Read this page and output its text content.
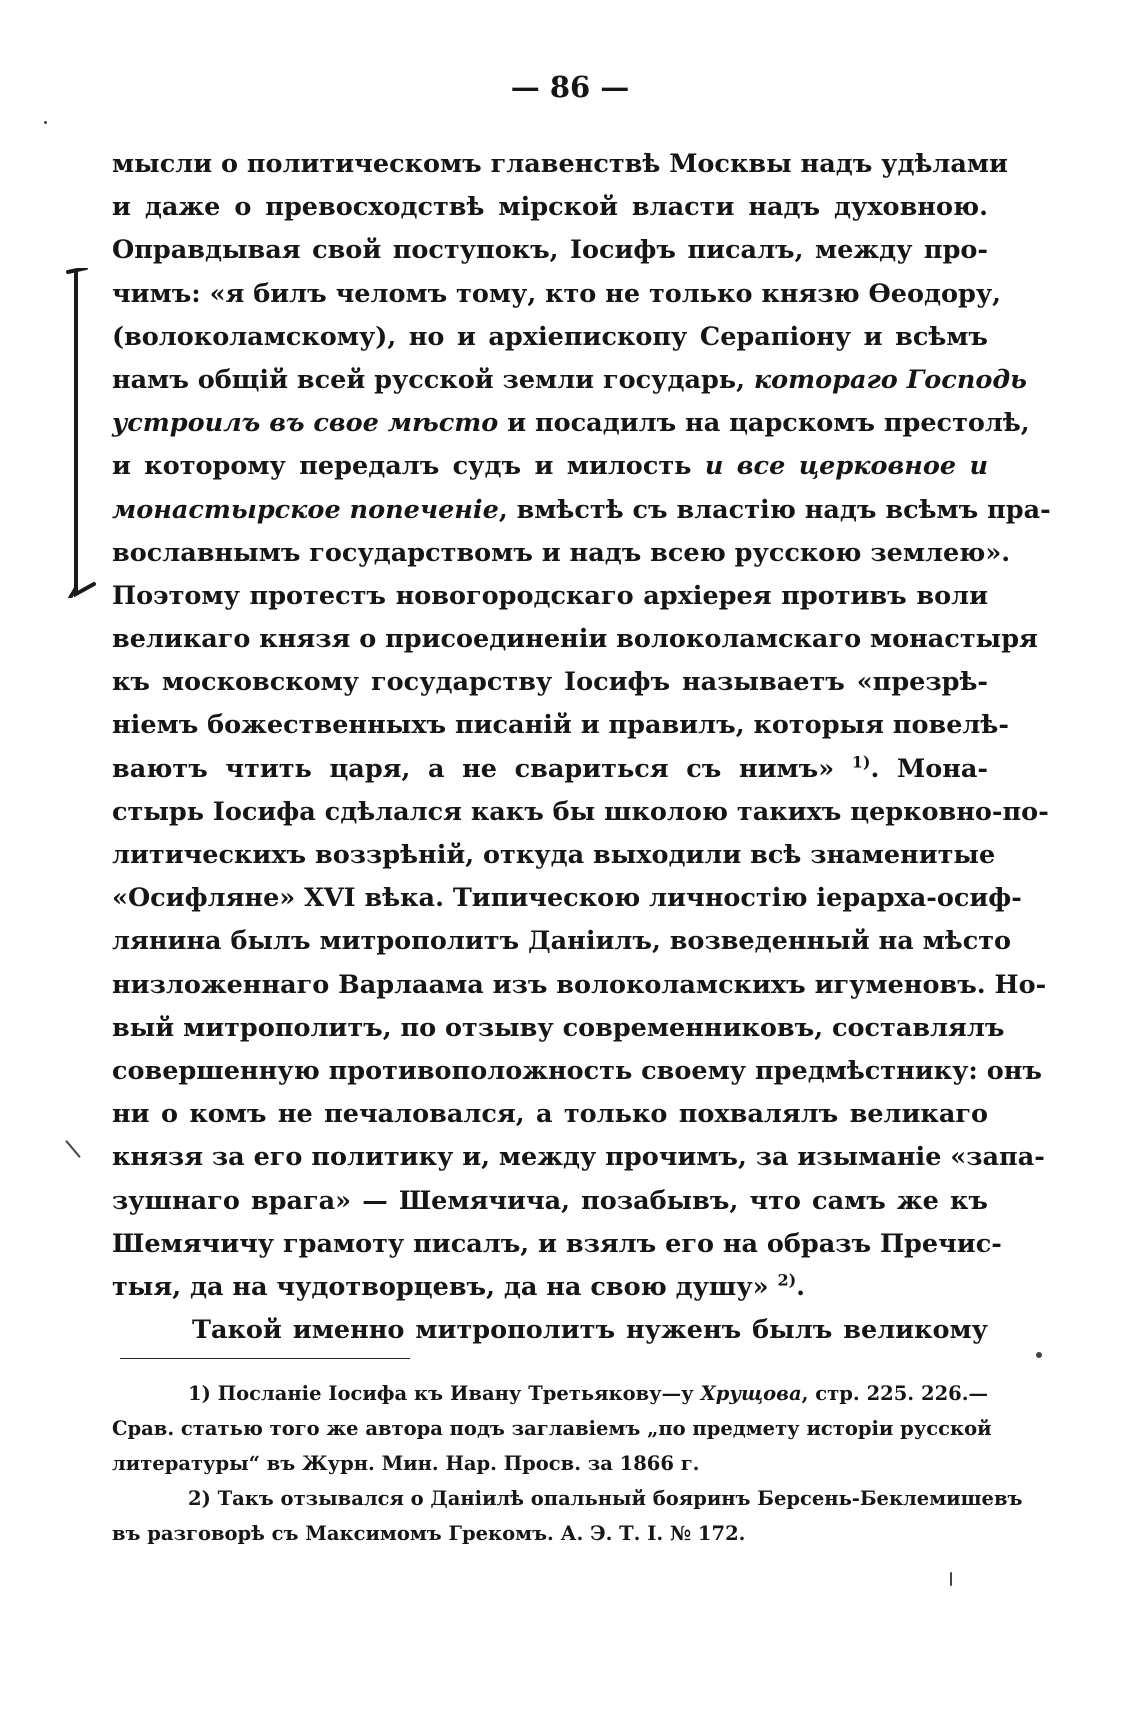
— 86 —
мысли о политическомъ главенствѣ Москвы надъ удѣлами
и даже о превосходствѣ мірской власти надъ духовною.
Оправдывая свой поступокъ, Іосифъ писалъ, между про-
чимъ: «я билъ челомъ тому, кто не только князю Ѳеодору,
(волоколамскому), но и архіепископу Серапіону и всѣмъ
намъ общій всей русской земли государь, котораго Господь
устроилъ въ свое мѣсто и посадилъ на царскомъ престолѣ,
и которому передалъ судъ и милость и все церковное и
монастырское попеченіе, вмѣстѣ съ властію надъ всѣмъ пра-
вославнымъ государствомъ и надъ всею русскою землею».
Поэтому протестъ новогородскаго архіерея противъ воли
великаго князя о присоединеніи волоколамскаго монастыря
къ московскому государству Іосифъ называетъ «презрѣ-
ніемъ божественныхъ писаній и правилъ, которыя повелѣ-
ваютъ чтить царя, а не свариться съ нимъ» $^{1)}$. Мона-
стырь Іосифа сдѣлался какъ бы школою такихъ церковно-по-
литическихъ воззрѣній, откуда выходили всѣ знаменитые
«Осифляне» XVI вѣка. Типическою личностію іерарха-осиф-
лянина былъ митрополитъ Даніилъ, возведенный на мѣсто
низложеннаго Варлаама изъ волоколамскихъ игуменовъ. Но-
вый митрополитъ, по отзыву современниковъ, составлялъ
совершенную противоположность своему предмѣстнику: онъ
ни о комъ не печаловался, а только похвалялъ великаго
князя за его политику и, между прочимъ, за изыманіе «запа-
зушнаго врага» — Шемячича, позабывъ, что самъ же къ
Шемячичу грамоту писалъ, и взялъ его на образъ Пречис-
тыя, да на чудотворцевъ, да на свою душу» $^{2)}$.
Такой именно митрополитъ нуженъ былъ великому
1) Посланіе Іосифа къ Ивану Третьякову—у Хрущова, стр. 225. 226.—
Срав. статью того же автора подъ заглавіемъ „по предмету исторіи русской
литературы“ въ Журн. Мин. Нар. Просв. за 1866 г.
2) Такъ отзывался о Даніилѣ опальный бояринъ Берсень-Беклемишевъ
въ разговорѣ съ Максимомъ Грекомъ. А. Э. Т. I. № 172.
